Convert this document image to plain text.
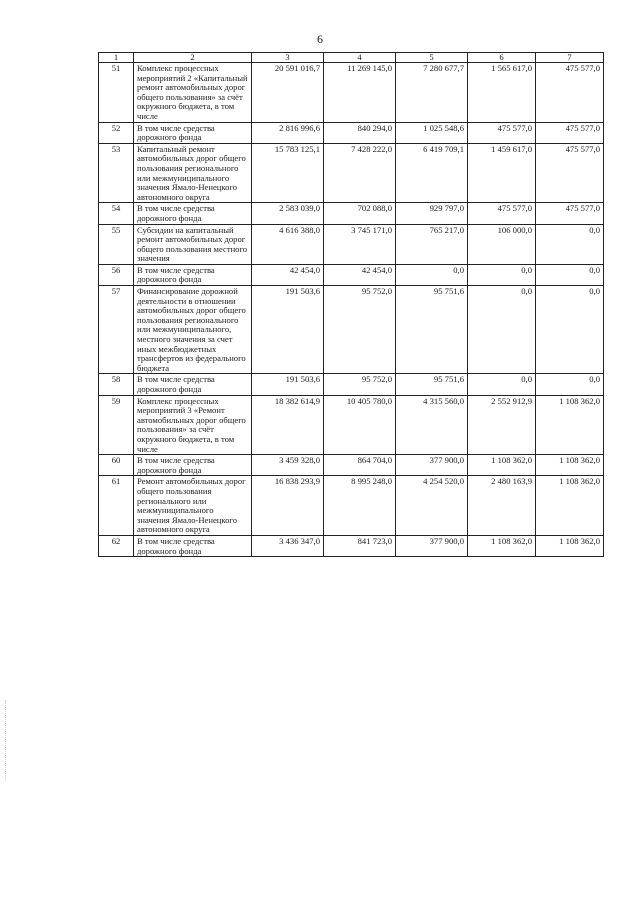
6
1	2	3	4	5	6	7
51	Комплекс процессных мероприятий 2 «Капитальный ремонт автомобильных дорог общего пользования» за счёт окружного бюджета, в том числе	20 591 016,7	11 269 145,0	7 280 677,7	1 565 617,0	475 577,0
52	В том числе средства дорожного фонда	2 816 996,6	840 294,0	1 025 548,6	475 577,0	475 577,0
53	Капитальный ремонт автомобильных дорог общего пользования регионального или межмуниципального значения Ямало-Ненецкого автономного округа	15 783 125,1	7 428 222,0	6 419 709,1	1 459 617,0	475 577,0
54	В том числе средства дорожного фонда	2 583 039,0	702 088,0	929 797,0	475 577,0	475 577,0
55	Субсидии на капитальный ремонт автомобильных дорог общего пользования местного значения	4 616 388,0	3 745 171,0	765 217,0	106 000,0	0,0
56	В том числе средства дорожного фонда	42 454,0	42 454,0	0,0	0,0	0,0
57	Финансирование дорожной деятельности в отношении автомобильных дорог общего пользования регионального или межмуниципального, местного значения за счет иных межбюджетных трансфертов из федерального бюджета	191 503,6	95 752,0	95 751,6	0,0	0,0
58	В том числе средства дорожного фонда	191 503,6	95 752,0	95 751,6	0,0	0,0
59	Комплекс процессных мероприятий 3 «Ремонт автомобильных дорог общего пользования» за счёт окружного бюджета, в том числе	18 382 614,9	10 405 780,0	4 315 560,0	2 552 912,9	1 108 362,0
60	В том числе средства дорожного фонда	3 459 328,0	864 704,0	377 900,0	1 108 362,0	1 108 362,0
61	Ремонт автомобильных дорог общего пользования регионального или межмуниципального значения Ямало-Ненецкого автономного округа	16 838 293,9	8 995 248,0	4 254 520,0	2 480 163,9	1 108 362,0
62	В том числе средства дорожного фонда	3 436 347,0	841 723,0	377 900,0	1 108 362,0	1 108 362,0
